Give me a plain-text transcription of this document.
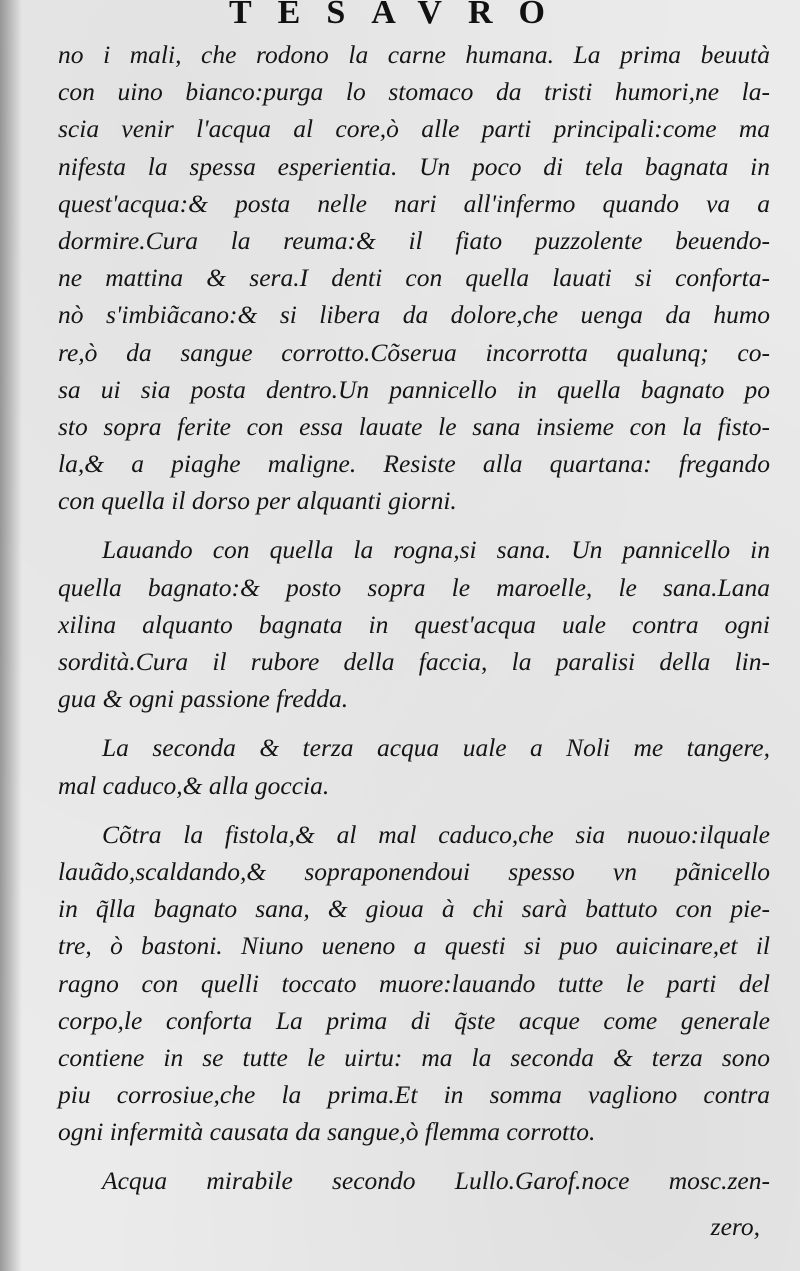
TESAVRO
no i mali, che rodono la carne humana. La prima beuutà
con uino bianco:purga lo stomaco da tristi humori,ne la-
scia venir l'acqua al core,ò alle parti principali:come ma
nifesta la spessa esperientia. Un poco di tela bagnata in
quest'acqua:& posta nelle nari all'infermo quando va a
dormire.Cura la reuma:& il fiato puzzolente beuendo-
ne mattina & sera.I denti con quella lauati si conforta-
nò s'imbiãcano:& si libera da dolore,che uenga da humo
re,ò da sangue corrotto.Cõserua incorrotta qualunq; co-
sa ui sia posta dentro.Un pannicello in quella bagnato po
sto sopra ferite con essa lauate le sana insieme con la fisto-
la,& a piaghe maligne. Resiste alla quartana: fregando
con quella il dorso per alquanti giorni.
Lauando con quella la rogna,si sana. Un pannicello in
quella bagnato:& posto sopra le maroelle, le sana.Lana
xilina alquanto bagnata in quest'acqua uale contra ogni
sordità.Cura il rubore della faccia, la paralisi della lin-
gua & ogni passione fredda.
La seconda & terza acqua uale a Noli me tangere,
mal caduco,& alla goccia.
Cõtra la fistola,& al mal caduco,che sia nuouo:ilquale
lauãdo,scaldando,& sopraponendoui spesso vn pãnicello
in q̃lla bagnato sana, & gioua à chi sarà battuto con pie-
tre, ò bastoni. Niuno ueneno a questi si puo auicinare,et il
ragno con quelli toccato muore:lauando tutte le parti del
corpo,le conforta La prima di q̃ste acque come generale
contiene in se tutte le uirtu: ma la seconda & terza sono
piu corrosiue,che la prima.Et in somma vagliono contra
ogni infermità causata da sangue,ò flemma corrotto.
Acqua mirabile secondo Lullo.Garof.noce mosc.zen-
zero,
